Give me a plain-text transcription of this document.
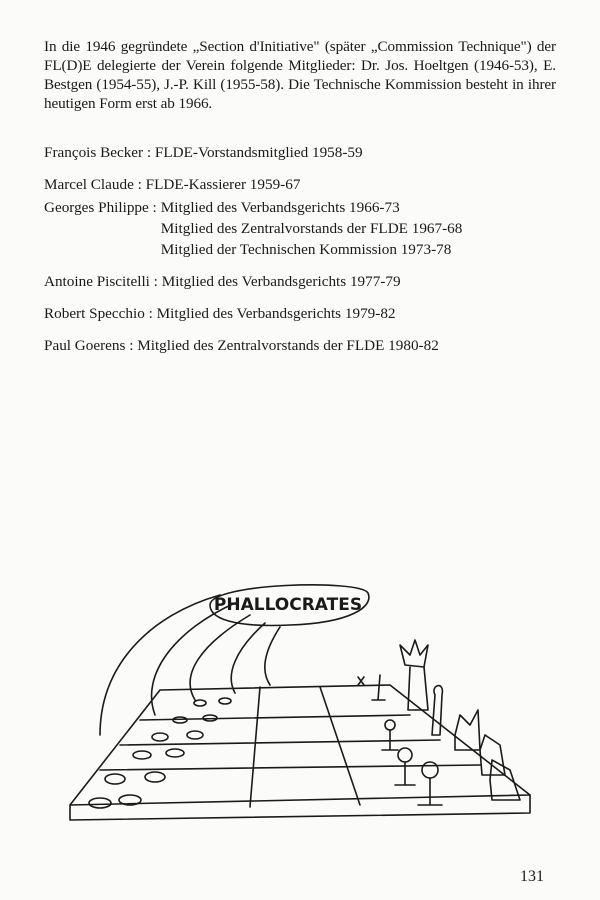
In die 1946 gegründete „Section d'Initiative" (später „Commission Technique") der FL(D)E delegierte der Verein folgende Mitglieder: Dr. Jos. Hoeltgen (1946-53), E. Bestgen (1954-55), J.-P. Kill (1955-58). Die Technische Kommission besteht in ihrer heutigen Form erst ab 1966.

François Becker : FLDE-Vorstandsmitglied 1958-59

Marcel Claude : FLDE-Kassierer 1959-67

Georges Philippe : Mitglied des Verbandsgerichts 1966-73
Mitglied des Zentralvorstands der FLDE 1967-68
Mitglied der Technischen Kommission 1973-78

Antoine Piscitelli : Mitglied des Verbandsgerichts 1977-79

Robert Specchio : Mitglied des Verbandsgerichts 1979-82

Paul Goerens : Mitglied des Zentralvorstands der FLDE 1980-82

PHALLOCRATES

131
